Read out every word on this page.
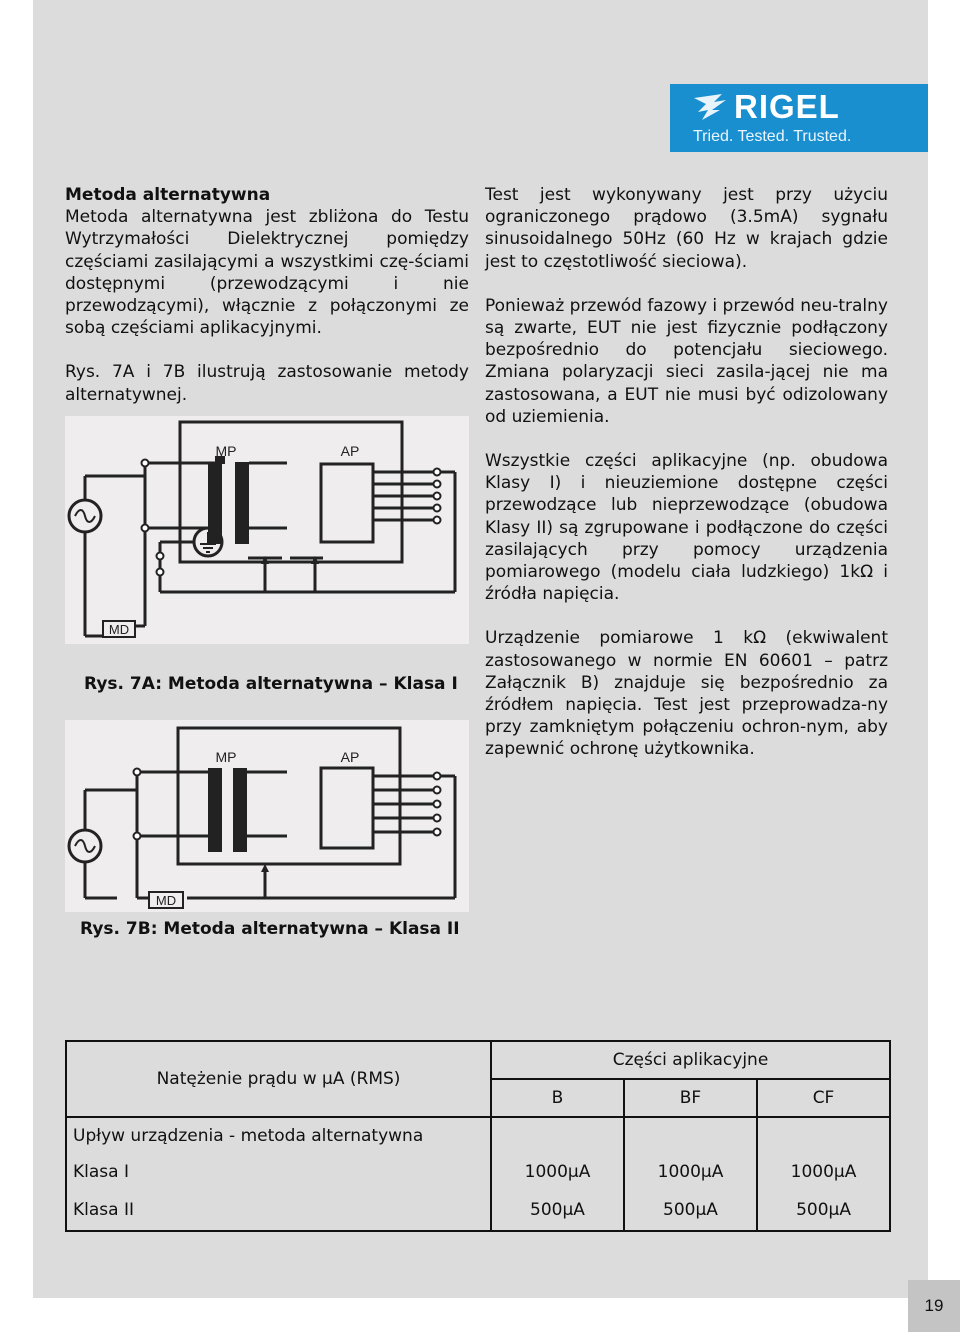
RIGEL
Tried. Tested. Trusted.
Metoda alternatywna

Metoda alternatywna jest zbliżona do Testu Wytrzymałości Dielektrycznej pomiędzy częściami zasilającymi a wszystkimi czę-ściami dostępnymi (przewodzącymi i nie przewodzącymi), włącznie z połączonymi ze sobą częściami aplikacyjnymi.

Rys. 7A i 7B ilustrują zastosowanie metody alternatywnej.

Test jest wykonywany jest przy użyciu ograniczonego prądowo (3.5mA) sygnału sinusoidalnego 50Hz (60 Hz w krajach gdzie jest to częstotliwość sieciowa).

Ponieważ przewód fazowy i przewód neu-tralny są zwarte, EUT nie jest fizycznie podłączony bezpośrednio do potencjału sieciowego. Zmiana polaryzacji sieci zasila-jącej nie ma zastosowana, a EUT nie musi być odizolowany od uziemienia.

Wszystkie części aplikacyjne (np. obudowa Klasy I) i nieuziemione dostępne części przewodzące lub nieprzewodzące (obudowa Klasy II) są zgrupowane i podłączone do części zasilających przy pomocy urządzenia pomiarowego (modelu ciała ludzkiego) 1kΩ i źródła napięcia.

Urządzenie pomiarowe 1 kΩ (ekwiwalent zastosowanego w normie EN 60601 – patrz Załącznik B) znajduje się bezpośrednio za źródłem napięcia. Test jest przeprowadza-ny przy zamkniętym połączeniu ochron-nym, aby zapewnić ochronę użytkownika.

MD
MP	AP
Rys. 7A: Metoda alternatywna – Klasa I
MD
MP	AP
Rys. 7B: Metoda alternatywna – Klasa II
Natężenie prądu w μA (RMS)	Części aplikacyjne		
	B	BF	CF
Upływ urządzenia - metoda alternatywna			
Klasa I	1000μA	1000μA	1000μA
Klasa II	500μA	500μA	500μA
19
